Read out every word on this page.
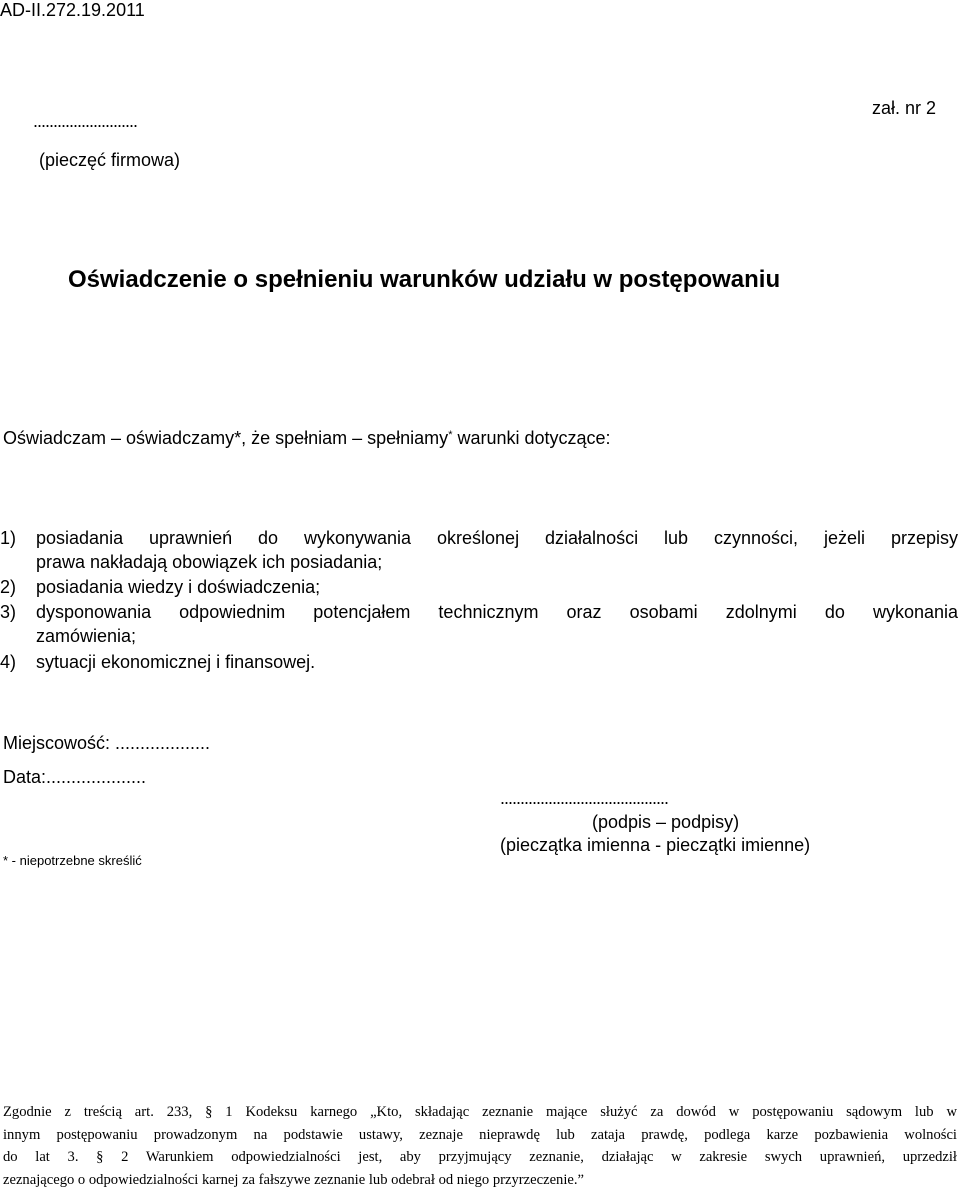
AD-II.272.19.2011
zał. nr 2
..........................
(pieczęć firmowa)
Oświadczenie o spełnieniu warunków udziału w postępowaniu
Oświadczam – oświadczamy*, że spełniam – spełniamy* warunki dotyczące:
1) posiadania uprawnień do wykonywania określonej działalności lub czynności, jeżeli przepisy
prawa nakładają obowiązek ich posiadania;
2) posiadania wiedzy i doświadczenia;
3) dysponowania odpowiednim potencjałem technicznym oraz osobami zdolnymi do wykonania
zamówienia;
4) sytuacji ekonomicznej i finansowej.
Miejscowość: ...................
Data:....................
..........................................
(podpis – podpisy)
(pieczątka imienna - pieczątki imienne)
* - niepotrzebne skreślić
Zgodnie z treścią art. 233, § 1 Kodeksu karnego „Kto, składając zeznanie mające służyć za dowód w postępowaniu sądowym lub w
innym postępowaniu prowadzonym na podstawie ustawy, zeznaje nieprawdę lub zataja prawdę, podlega karze pozbawienia wolności
do lat 3. § 2 Warunkiem odpowiedzialności jest, aby przyjmujący zeznanie, działając w zakresie swych uprawnień, uprzedził
zeznającego o odpowiedzialności karnej za fałszywe zeznanie lub odebrał od niego przyrzeczenie.”
